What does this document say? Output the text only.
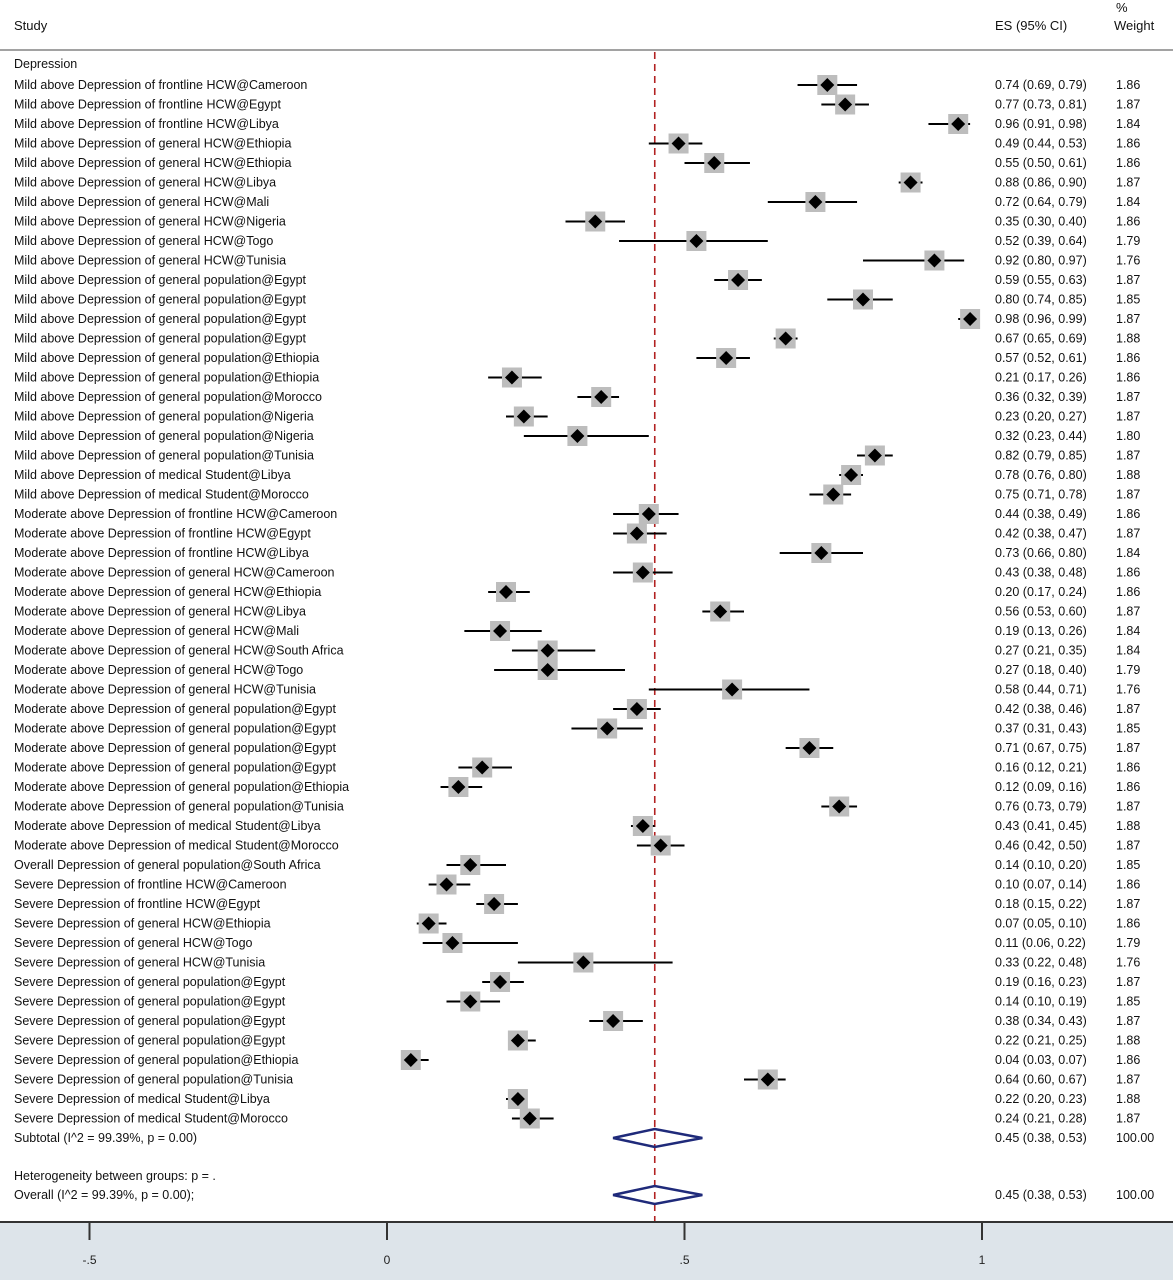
Study	ES (95% CI)
%
Weight
Depression
Mild above Depression of frontline HCW@Cameroon	0.74 (0.69, 0.79) 1.86
Mild above Depression of frontline HCW@Egypt	0.77 (0.73, 0.81) 1.87
Mild above Depression of frontline HCW@Libya	0.96 (0.91, 0.98) 1.84
Mild above Depression of general HCW@Ethiopia	0.49 (0.44, 0.53) 1.86
Mild above Depression of general HCW@Ethiopia	0.55 (0.50, 0.61) 1.86
Mild above Depression of general HCW@Libya	0.88 (0.86, 0.90) 1.87
Mild above Depression of general HCW@Mali	0.72 (0.64, 0.79) 1.84
Mild above Depression of general HCW@Nigeria	0.35 (0.30, 0.40) 1.86
Mild above Depression of general HCW@Togo	0.52 (0.39, 0.64) 1.79
Mild above Depression of general HCW@Tunisia	0.92 (0.80, 0.97) 1.76
Mild above Depression of general population@Egypt	0.59 (0.55, 0.63) 1.87
Mild above Depression of general population@Egypt	0.80 (0.74, 0.85) 1.85
Mild above Depression of general population@Egypt	0.98 (0.96, 0.99) 1.87
Mild above Depression of general population@Egypt	0.67 (0.65, 0.69) 1.88
Mild above Depression of general population@Ethiopia	0.57 (0.52, 0.61) 1.86
Mild above Depression of general population@Ethiopia	0.21 (0.17, 0.26) 1.86
Mild above Depression of general population@Morocco	0.36 (0.32, 0.39) 1.87
Mild above Depression of general population@Nigeria	0.23 (0.20, 0.27) 1.87
Mild above Depression of general population@Nigeria	0.32 (0.23, 0.44) 1.80
Mild above Depression of general population@Tunisia	0.82 (0.79, 0.85) 1.87
Mild above Depression of medical Student@Libya	0.78 (0.76, 0.80) 1.88
Mild above Depression of medical Student@Morocco	0.75 (0.71, 0.78) 1.87
Moderate above Depression of frontline HCW@Cameroon	0.44 (0.38, 0.49) 1.86
Moderate above Depression of frontline HCW@Egypt	0.42 (0.38, 0.47) 1.87
Moderate above Depression of frontline HCW@Libya	0.73 (0.66, 0.80) 1.84
Moderate above Depression of general HCW@Cameroon	0.43 (0.38, 0.48) 1.86
Moderate above Depression of general HCW@Ethiopia	0.20 (0.17, 0.24) 1.86
Moderate above Depression of general HCW@Libya	0.56 (0.53, 0.60) 1.87
Moderate above Depression of general HCW@Mali	0.19 (0.13, 0.26) 1.84
Moderate above Depression of general HCW@South Africa	0.27 (0.21, 0.35) 1.84
Moderate above Depression of general HCW@Togo	0.27 (0.18, 0.40) 1.79
Moderate above Depression of general HCW@Tunisia	0.58 (0.44, 0.71) 1.76
Moderate above Depression of general population@Egypt	0.42 (0.38, 0.46) 1.87
Moderate above Depression of general population@Egypt	0.37 (0.31, 0.43) 1.85
Moderate above Depression of general population@Egypt	0.71 (0.67, 0.75) 1.87
Moderate above Depression of general population@Egypt	0.16 (0.12, 0.21) 1.86
Moderate above Depression of general population@Ethiopia	0.12 (0.09, 0.16) 1.86
Moderate above Depression of general population@Tunisia	0.76 (0.73, 0.79) 1.87
Moderate above Depression of medical Student@Libya	0.43 (0.41, 0.45) 1.88
Moderate above Depression of medical Student@Morocco	0.46 (0.42, 0.50) 1.87
Overall Depression of general population@South Africa	0.14 (0.10, 0.20) 1.85
Severe Depression of frontline HCW@Cameroon	0.10 (0.07, 0.14) 1.86
Severe Depression of frontline HCW@Egypt	0.18 (0.15, 0.22) 1.87
Severe Depression of general HCW@Ethiopia	0.07 (0.05, 0.10) 1.86
Severe Depression of general HCW@Togo	0.11 (0.06, 0.22) 1.79
Severe Depression of general HCW@Tunisia	0.33 (0.22, 0.48) 1.76
Severe Depression of general population@Egypt	0.19 (0.16, 0.23) 1.87
Severe Depression of general population@Egypt	0.14 (0.10, 0.19) 1.85
Severe Depression of general population@Egypt	0.38 (0.34, 0.43) 1.87
Severe Depression of general population@Egypt	0.22 (0.21, 0.25) 1.88
Severe Depression of general population@Ethiopia	0.04 (0.03, 0.07) 1.86
Severe Depression of general population@Tunisia	0.64 (0.60, 0.67) 1.87
Severe Depression of medical Student@Libya	0.22 (0.20, 0.23) 1.88
Severe Depression of medical Student@Morocco	0.24 (0.21, 0.28) 1.87
Subtotal (I^2 = 99.39%, p = 0.00)	0.45 (0.38, 0.53) 100.00
Heterogeneity between groups: p = .
Overall (I^2 = 99.39%, p = 0.00);	0.45 (0.38, 0.53) 100.00
-.5	0	.5	1
